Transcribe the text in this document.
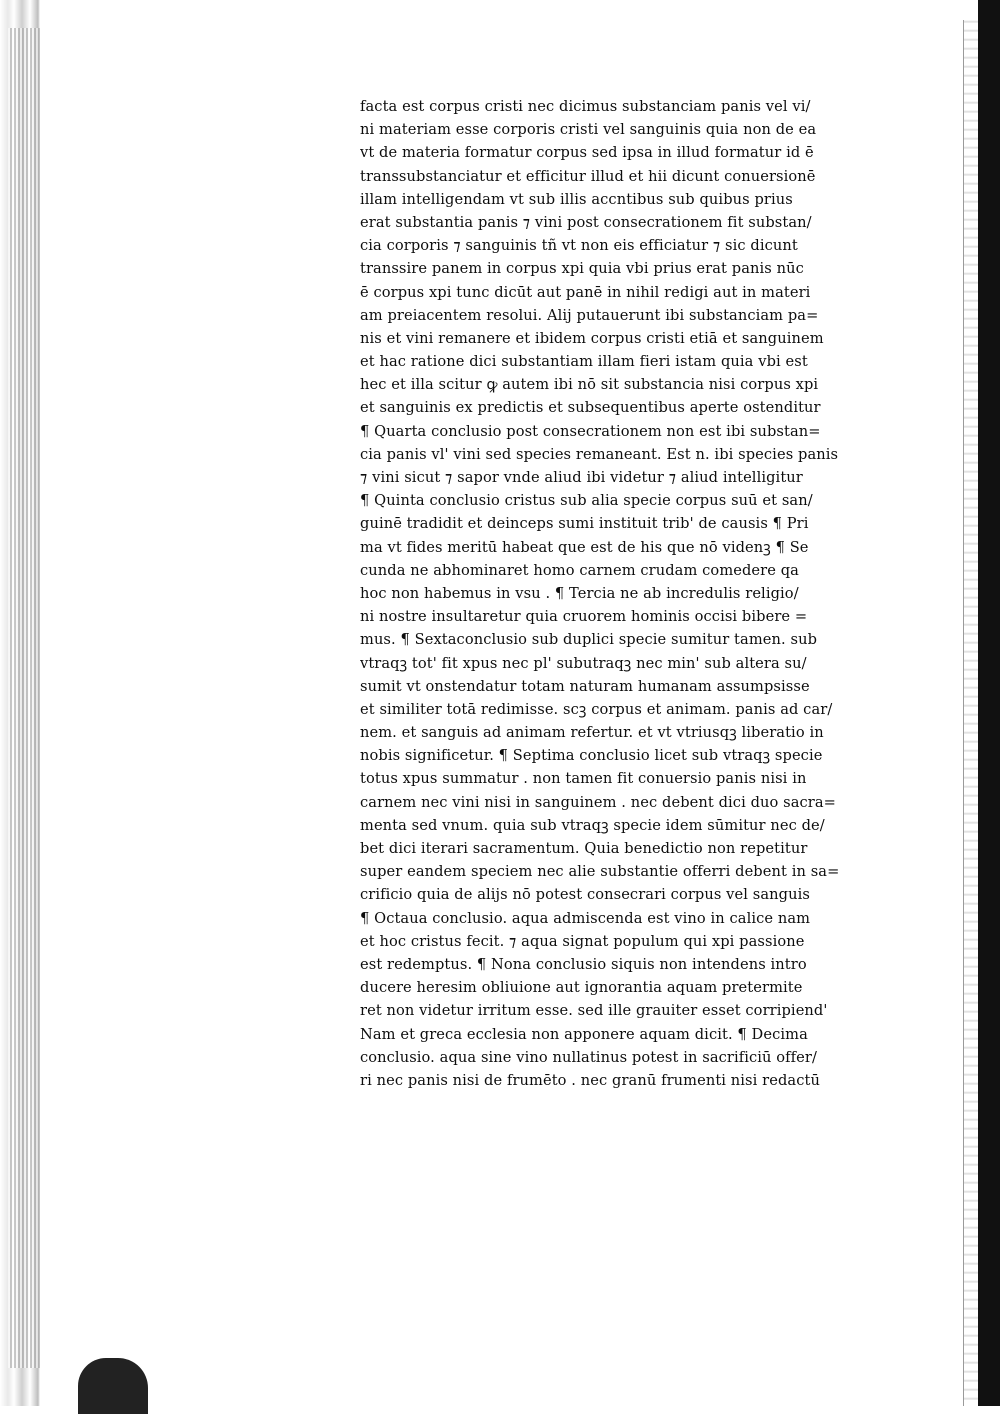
facta est corpus cristi nec dicimus substanciam panis vel vi/
ni materiam esse corporis cristi vel sanguinis quia non de ea
vt de materia formatur corpus sed ipsa in illud formatur id ē
transsubstanciatur et efficitur illud et hii dicunt conuersionē
illam intelligendam vt sub illis accntibus sub quibus prius
erat substantia panis ⁊ vini post consecrationem fit substan/
cia corporis ⁊ sanguinis tñ vt non eis efficiatur ⁊ sic dicunt
transsire panem in corpus xpi quia vbi prius erat panis nūc
ē corpus xpi tunc dicūt aut panē in nihil redigi aut in materi
am preiacentem resolui. Alij putauerunt ibi substanciam pa=
nis et vini remanere et ibidem corpus cristi etiā et sanguinem
et hac ratione dici substantiam illam fieri istam quia vbi est
hec et illa scitur ꝙ autem ibi nō sit substancia nisi corpus xpi
et sanguinis ex predictis et subsequentibus aperte ostenditur
¶ Quarta conclusio post consecrationem non est ibi substan=
cia panis vl' vini sed species remaneant. Est n. ibi species panis
⁊ vini sicut ⁊ sapor vnde aliud ibi videtur ⁊ aliud intelligitur
¶ Quinta conclusio cristus sub alia specie corpus suū et san/
guinē tradidit et deinceps sumi instituit trib' de causis ¶ Pri
ma vt fides meritū habeat que est de his que nō videnꝫ ¶ Se
cunda ne abhominaret homo carnem crudam comedere qa
hoc non habemus in vsu . ¶ Tercia ne ab incredulis religio/
ni nostre insultaretur quia cruorem hominis occisi bibere =
mus. ¶ Sextaconclusio sub duplici specie sumitur tamen. sub
vtraqꝫ tot' fit xpus nec pl' subutraqꝫ nec min' sub altera su/
sumit vt onstendatur totam naturam humanam assumpsisse
et similiter totā redimisse. scꝫ corpus et animam. panis ad car/
nem. et sanguis ad animam refertur. et vt vtriusqꝫ liberatio in
nobis significetur. ¶ Septima conclusio licet sub vtraqꝫ specie
totus xpus summatur . non tamen fit conuersio panis nisi in
carnem nec vini nisi in sanguinem . nec debent dici duo sacra=
menta sed vnum. quia sub vtraqꝫ specie idem sūmitur nec de/
bet dici iterari sacramentum. Quia benedictio non repetitur
super eandem speciem nec alie substantie offerri debent in sa=
crificio quia de alijs nō potest consecrari corpus vel sanguis
¶ Octaua conclusio. aqua admiscenda est vino in calice nam
et hoc cristus fecit. ⁊ aqua signat populum qui xpi passione
est redemptus. ¶ Nona conclusio siquis non intendens intro
ducere heresim obliuione aut ignorantia aquam pretermite
ret non videtur irritum esse. sed ille grauiter esset corripiend'
Nam et greca ecclesia non apponere aquam dicit. ¶ Decima
conclusio. aqua sine vino nullatinus potest in sacrificiū offer/
ri nec panis nisi de frumēto . nec granū frumenti nisi redactū
